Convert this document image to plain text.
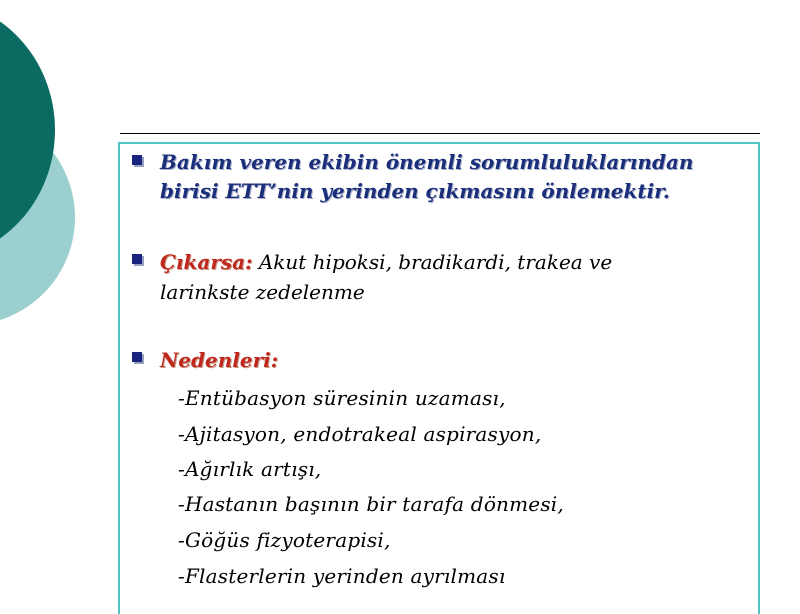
Bakım veren ekibin önemli sorumluluklarından
birisi ETT’nin yerinden çıkmasını önlemektir.
Çıkarsa: Akut hipoksi, bradikardi, trakea ve
larinkste zedelenme
Nedenleri:
-Entübasyon süresinin uzaması,
-Ajitasyon, endotrakeal aspirasyon,
-Ağırlık artışı,
-Hastanın başının bir tarafa dönmesi,
-Göğüs fizyoterapisi,
-Flasterlerin yerinden ayrılması
